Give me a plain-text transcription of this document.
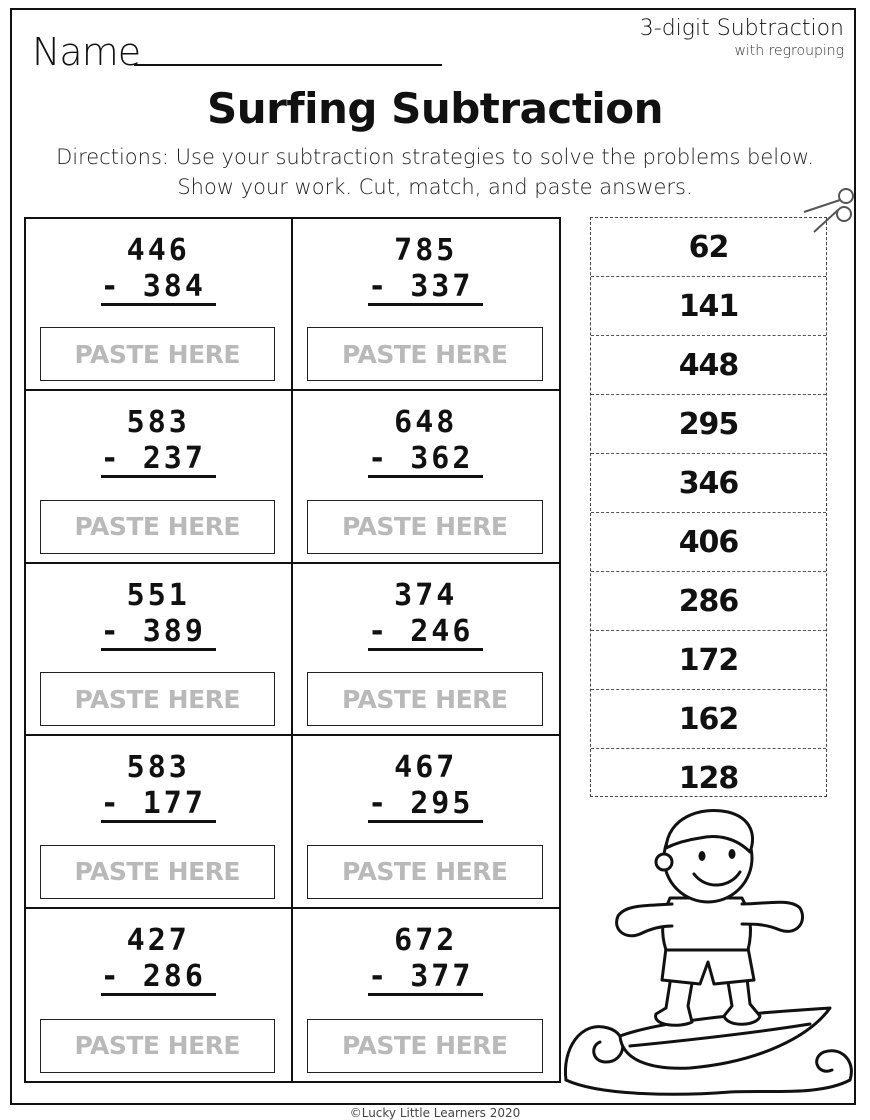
Name
3-digit Subtraction
with regrouping
Surfing Subtraction
Directions: Use your subtraction strategies to solve the problems below.
Show your work. Cut, match, and paste answers.
446
- 384
PASTE HERE
785
- 337
PASTE HERE
583
- 237
PASTE HERE
648
- 362
PASTE HERE
551
- 389
PASTE HERE
374
- 246
PASTE HERE
583
- 177
PASTE HERE
467
- 295
PASTE HERE
427
- 286
PASTE HERE
672
- 377
PASTE HERE
62
141
448
295
346
406
286
172
162
128
©Lucky Little Learners 2020
